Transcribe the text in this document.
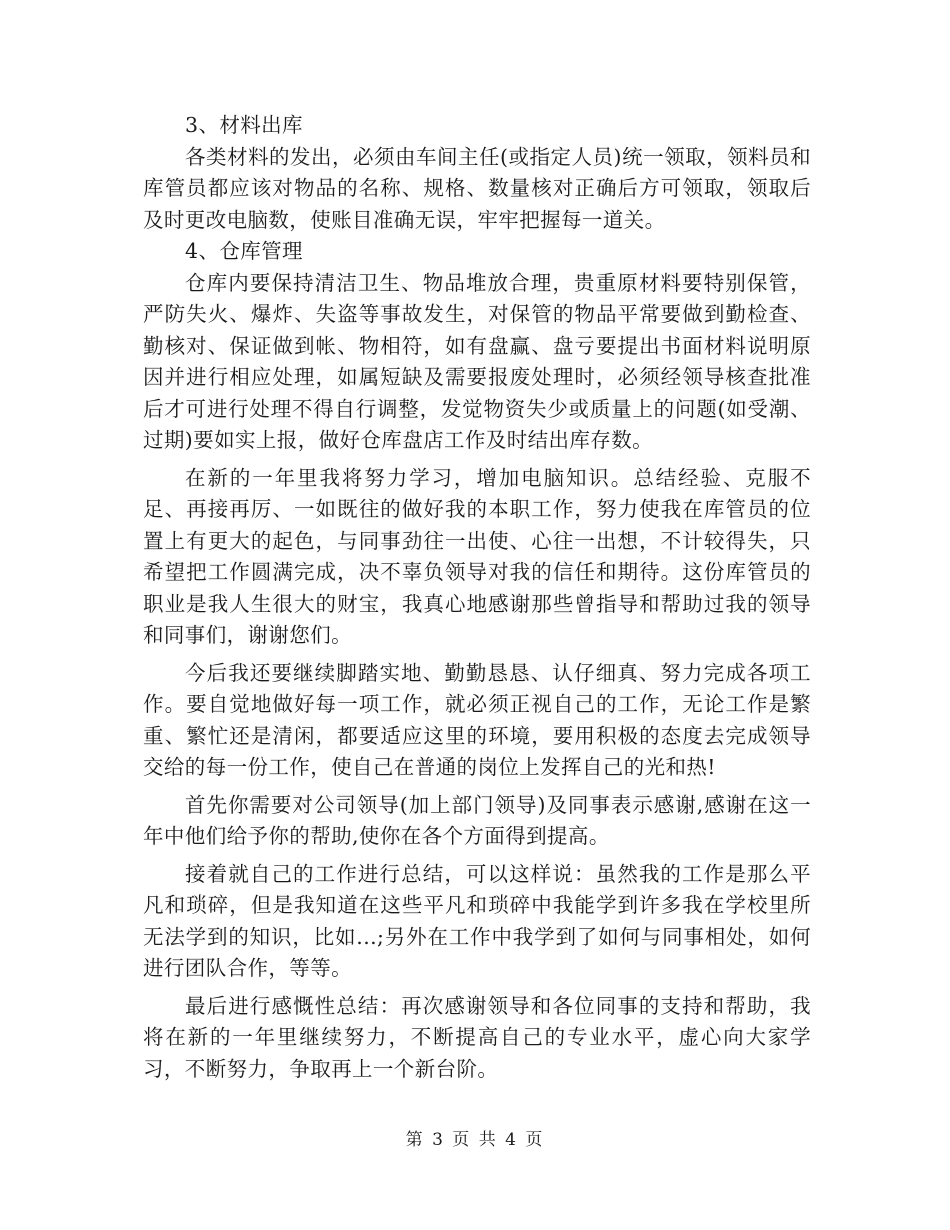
3、材料出库

各类材料的发出，必须由车间主任(或指定人员)统一领取，领料员和库管员都应该对物品的名称、规格、数量核对正确后方可领取，领取后及时更改电脑数，使账目准确无误，牢牢把握每一道关。

4、仓库管理

仓库内要保持清洁卫生、物品堆放合理，贵重原材料要特别保管，严防失火、爆炸、失盗等事故发生，对保管的物品平常要做到勤检查、勤核对、保证做到帐、物相符，如有盘赢、盘亏要提出书面材料说明原因并进行相应处理，如属短缺及需要报废处理时，必须经领导核查批准后才可进行处理不得自行调整，发觉物资失少或质量上的问题(如受潮、过期)要如实上报，做好仓库盘店工作及时结出库存数。

在新的一年里我将努力学习，增加电脑知识。总结经验、克服不足、再接再厉、一如既往的做好我的本职工作，努力使我在库管员的位置上有更大的起色，与同事劲往一出使、心往一出想，不计较得失，只希望把工作圆满完成，决不辜负领导对我的信任和期待。这份库管员的职业是我人生很大的财宝，我真心地感谢那些曾指导和帮助过我的领导和同事们，谢谢您们。

今后我还要继续脚踏实地、勤勤恳恳、认仔细真、努力完成各项工作。要自觉地做好每一项工作，就必须正视自己的工作，无论工作是繁重、繁忙还是清闲，都要适应这里的环境，要用积极的态度去完成领导交给的每一份工作，使自己在普通的岗位上发挥自己的光和热!

首先你需要对公司领导(加上部门领导)及同事表示感谢,感谢在这一年中他们给予你的帮助,使你在各个方面得到提高。

接着就自己的工作进行总结，可以这样说：虽然我的工作是那么平凡和琐碎，但是我知道在这些平凡和琐碎中我能学到许多我在学校里所无法学到的知识，比如...;另外在工作中我学到了如何与同事相处，如何进行团队合作，等等。

最后进行感慨性总结：再次感谢领导和各位同事的支持和帮助，我将在新的一年里继续努力，不断提高自己的专业水平，虚心向大家学习，不断努力，争取再上一个新台阶。

第 3 页 共 4 页
